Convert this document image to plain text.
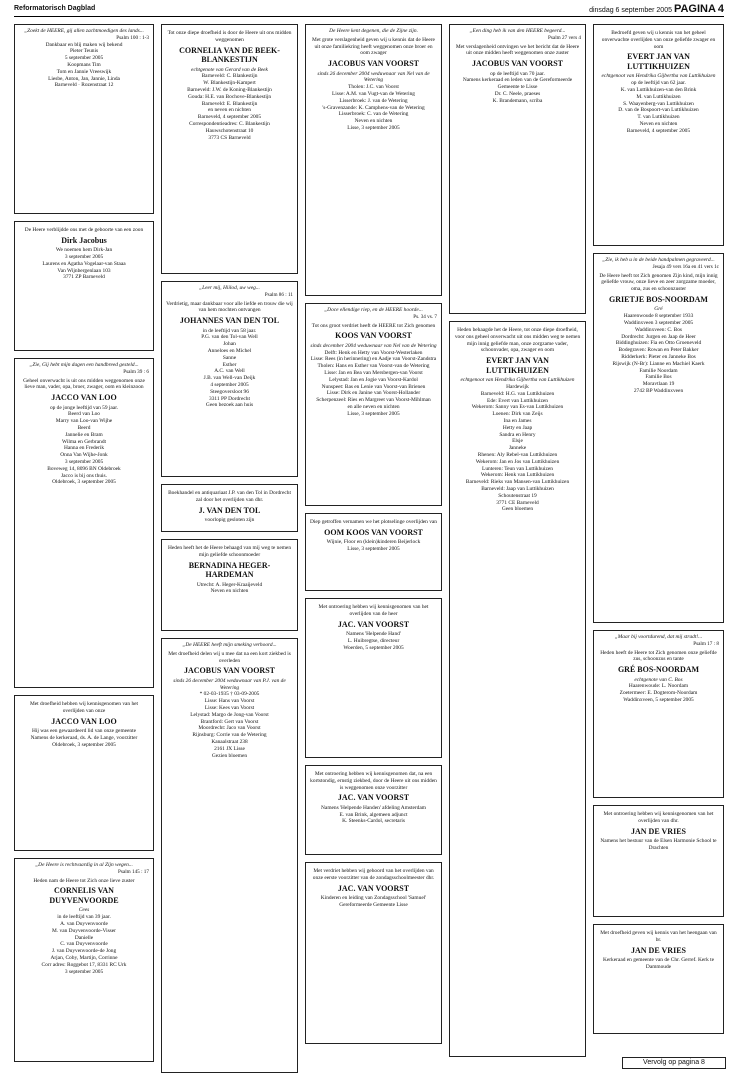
Reformatorisch Dagblad	dinsdag 6 september 2005 PAGINA 4
„Zoekt de HEERE, gij allen zachtmoedigen des lands...
Psalm 100 : 1-3
Dankbaar en blij maken wij bekend
Pieter Teunis
5 september 2005
Koopmans Tim
Tom en Jannie Vreeswijk
Liesbe, Anton, Jan, Jannie, Linda
Barneveld · Rozenstraat 12

De Heere verblijdde ons met de geboorte van een zoon

Dirk Jacobus
We noemen hem Dirk-Jan
3 september 2005
Laurens en Agatha Vogelaar-van Staaa
Van Wijnbergenlaan 103
3771 ZP Barneveld
„Zie, Gij hebt mijn dagen een handbreed gesteld...
Psalm 39 : 6

Geheel onverwacht is uit ons midden weggenomen onze lieve man, vader, opa, broer, zwager, oom en kleinzoon

JACCO VAN LOO
op de jonge leeftijd van 59 jaar.
Beerd van Loo
Marry van Loo-van Wijhe
Beerd
Jannelie en Bram
Wilma en Gerbrandt
Hanna en Frederik
Onna Van Wijhe-Jonk
3 september 2005
Boveweg 14, 8096 BN Oldebroek
Jacco is bij ons thuis.
Oldebroek, 3 september 2005

Met droefheid hebben wij kennisgenomen van het overlijden van onze

JACCO VAN LOO
Hij was een gewaardeerd lid van onze gemeente
Namens de kerkeraad, ds. A. de Lange, voorzitter
Oldebroek, 3 september 2005
„De Heere is rechtvaardig in al Zijn wegen...
Psalm 145 : 17

Heden nam de Heere tot Zich onze lieve zuster

CORNELIS VAN DUYVENVOORDE
Cees
in de leeftijd van 39 jaar.
A. van Duyvenvoorde
M. van Duyvenvoorde-Visser
Danielle
C. van Duyvenvoorde
J. van Duyvenvoorde-de Jong
Arjan, Coby, Martijn, Corrinne
Corr adres: Roggebot 17, 8331 RC Urk
3 september 2005

Tot onze diepe droefheid is door de Heere uit ons midden weggenomen

CORNELIA VAN DE BEEK-BLANKESTIJN
echtgenote van Gerard van de Beek
Barneveld: C. Blankestijn
W. Blankestijn-Kampert
Barneveld: J.W. de Koning-Blankestijn
Gouda: H.E. van Bochove-Blankestijn
Barneveld: E. Blankestijn
en neven en nichten
Barneveld, 4 september 2005
Correspondentieadres: C. Blankestijn
Hauwschotenstraat 10
3773 CS Barneveld
„Leer mij, Hiilod, uw weg...
Psalm 86 : 11

Verdrietig, maar dankbaar voor alle liefde en trouw die wij van hem mochten ontvangen

JOHANNES VAN DEN TOL
in de leeftijd van 58 jaar.
P.G. van den Tol-van Well
Johan
Anneloes en Michel
Sanne
Esther
A.C. van Well
J.B. van Well-van Deijk
4 september 2005
Steegoversloot 96
3311 PP Dordrecht
Geen bezoek aan huis

Boekhandel en antiquariaat J.P. van den Tol in Dordrecht zal door het overlijden van dhr.

J. VAN DEN TOL
voorlopig gesloten zijn

Heden heeft het de Heere behaagd van mij weg te nemen mijn geliefde schoonmoeder

BERNADINA HEGER-HARDEMAN
Utrecht: A. Heger-Kraaijeveld
Neven en nichten
„De HEERE heeft mijn smeking verhoord...

Met droefheid delen wij u mee dat na een kort ziekbed is overleden

JACOBUS VAN VOORST
sinds 26 december 2004 weduwnaar van P.J. van de Wetering
* 02-03-1935 † 03-09-2005
Lisse: Hans van Voorst
Lisse: Kees van Voorst
Lelystad: Margo de Jong-van Voorst
Brantford: Gert van Voorst
Moordrecht: Jaco van Voorst
Rijnsburg: Corrie van de Wetering
Kanaalstraat 238
2161 JX Lisse
Gezien bloemen
De Heere kent degenen, die de Zijne zijn.

Met grote verslagenheid geven wij u kennis dat de Heere uit onze familiekring heeft weggenomen onze broer en oom zwager

JACOBUS VAN VOORST
sinds 26 december 2004 weduwnaar van Nel van de Wetering
Tholen: J.C. van Voorst
Lisse: A.M. van Vugt-van de Wetering
Lisserbroek: J. van de Wetering
's-Gravenzande: K. Camphens-van de Wetering
Lisserbroek: C. van de Wetering
Neven en nichten
Lisse, 3 september 2005
„Doce ellendige riep, en de HEERE hoorde...
Ps. 34 vs. 7

Tot ons groot verdriet heeft de HEERE tot Zich genomen

KOOS VAN VOORST
sinds december 2004 weduwnaar van Nel van de Wetering
Delft: Henk en Hetty van Voorst-Westerlaken
Lisse: Rees (in herinnering) en Aadje van Voorst-Zandstra
Tholen: Hans en Esther van Voorst-van de Wetering
Lisse: Jan en Bea van Mersbergen-van Voorst
Lelystad: Jan en Jogie van Voorst-Kardol
Nunspeet: Bas en Lenie van Voorst-van Brienen
Lisse: Dirk en Janine van Voorst-Hollander
Scherpenzeel: Ries en Margreet van Voorst-Mihlman
en alle neven en nichten
Lisse, 3 september 2005

Diep getroffen vernamen we het plotselinge overlijden van

OOM KOOS VAN VOORST
Wijnie, Floor en (klein)kinderen Beijerlock
Lisse, 3 september 2005

Met ontroering hebben wij kennisgenomen van het overlijden van de heer

JAC. VAN VOORST
Namens 'Helpende Hand'
L. Huibregtse, directeur
Woerden, 5 september 2005

Met ontroering hebben wij kennisgenomen dat, na een kortstondig, ernstig ziekbed, door de Heere uit ons midden is weggenomen onze voorzitter

JAC. VAN VOORST
Namens 'Helpende Handen' afdeling Amsterdam
E. van Brink, algemeen adjunct
K. Steenks-Cardol, secretaris

Met verdriet hebben wij gehoord van het overlijden van onze eerste voorzitter van de zondagsschoolmeester dhr.

JAC. VAN VOORST
Kinderen en leiding van Zondagsschool 'Samuel'
Gereformeerde Gemeente Lisse
„Een ding heb ik van den HEERE begeerd...
Psalm 27 vers 4

Met verslagenheid ontvingen we het bericht dat de Heere uit onze midden heeft weggenomen onze zuster

JACOBUS VAN VOORST
op de leeftijd van 70 jaar.
Namens kerkeraad en leden van de Gereformeerde Gemeente te Lisse
Dr. C. Neele, praeses
K. Brandemann, scriba

Heden behaagde het de Heere, tot onze diepe droefheid, voor ons geheel onverwacht uit ons midden weg te nemen mijn innig geliefde man, onze zorgzame vader, schoonvader, opa, zwager en oom

EVERT JAN VAN LUTTIKHUIZEN
echtgenoot van Hendrika Gijbertha van Luttikhuizen
Hardewijk
Barneveld: H.G. van Luttikhuizen
Ede: Evert van Luttikhuizen
Wekerom: Sanny van Es-van Luttikhuizen
Loenen: Dirk van Zeijs
Ina en James
Hetty en Jaap
Sandra en Henry
Elsje
Janneke
Rhenen: Aly Rebel-van Luttikhuizen
Wekerom: Jan en Jos van Luttikhuizen
Lunteren: Teun van Luttikhuizen
Wekerom: Henk van Luttikhuizen
Barneveld: Rieks van Mansen-van Luttikhuizen
Barneveld: Jaap van Luttikhuizen
Schoutenstraat 19
3771 CE Barneveld
Geen bloemen

Bedroefd geven wij u kennis van het geheel onverwachte overlijden van onze geliefde zwager en oom

EVERT JAN VAN LUTTIKHUIZEN
echtgenoot van Hendrika Gijbertha van Luttikhuizen
op de leeftijd van 62 jaar.
K. van Luttikhuizen-van den Brink
M. van Luttikhuizen
S. Waayenberg-van Luttikhuizen
D. van de Bospoort-van Luttikhuizen
T. van Luttikhuizen
Neven en nichten
Barneveld, 4 september 2005
„Zie, ik heb u in de beide handpalmen gegraveerd...
Jesaja 49 vers 16a en 41 vers 1c

De Heere heeft tot Zich genomen Zijn kind, mijn innig geliefde vrouw, onze lieve en zeer zorgzame moeder, oma, zus en schoonzuster

GRIETJE BOS-NOORDAM
Gré
Haarenwoude 8 september 1933
Waddinxveen 3 september 2005
Waddinxveen: C. Bos
Dordrecht: Jurgen en Jaap de Heer
Biddinghuizen: Fia en Otto Groeneveld
Bodegraven: Rowan en Peter Bakker
Ridderkerk: Pieter en Janneke Bos
Rijswijk (N-Br): Lianne en Machiel Kaerk
Familie Noordam
Familie Bos
Moravtlaan 19
2742 BP Waddinxveen
„Maar bij voortdurend, dat mij stradt!...
Psalm 17 : 8

Heden heeft de Heere tot Zich genomen onze geliefde zus, schoonzus en tante

GRÉ BOS-NOORDAM
echtgenote van C. Bos
Haarenwoude: L. Noordam
Zoetermeer: E. Dogterom-Noordam
Waddinxveen, 5 september 2005

Met ontroering hebben wij kennisgenomen van het overlijden van dhr.

JAN DE VRIES
Namens het bestuur van de Elsen Harmonie School te Drachten

Met droefheid geven wij kennis van het heengaan van br.

JAN DE VRIES
Kerkeraad en gemeente van de Chr. Gerref. Kerk te Dammoude
Vervolg op pagina 8
